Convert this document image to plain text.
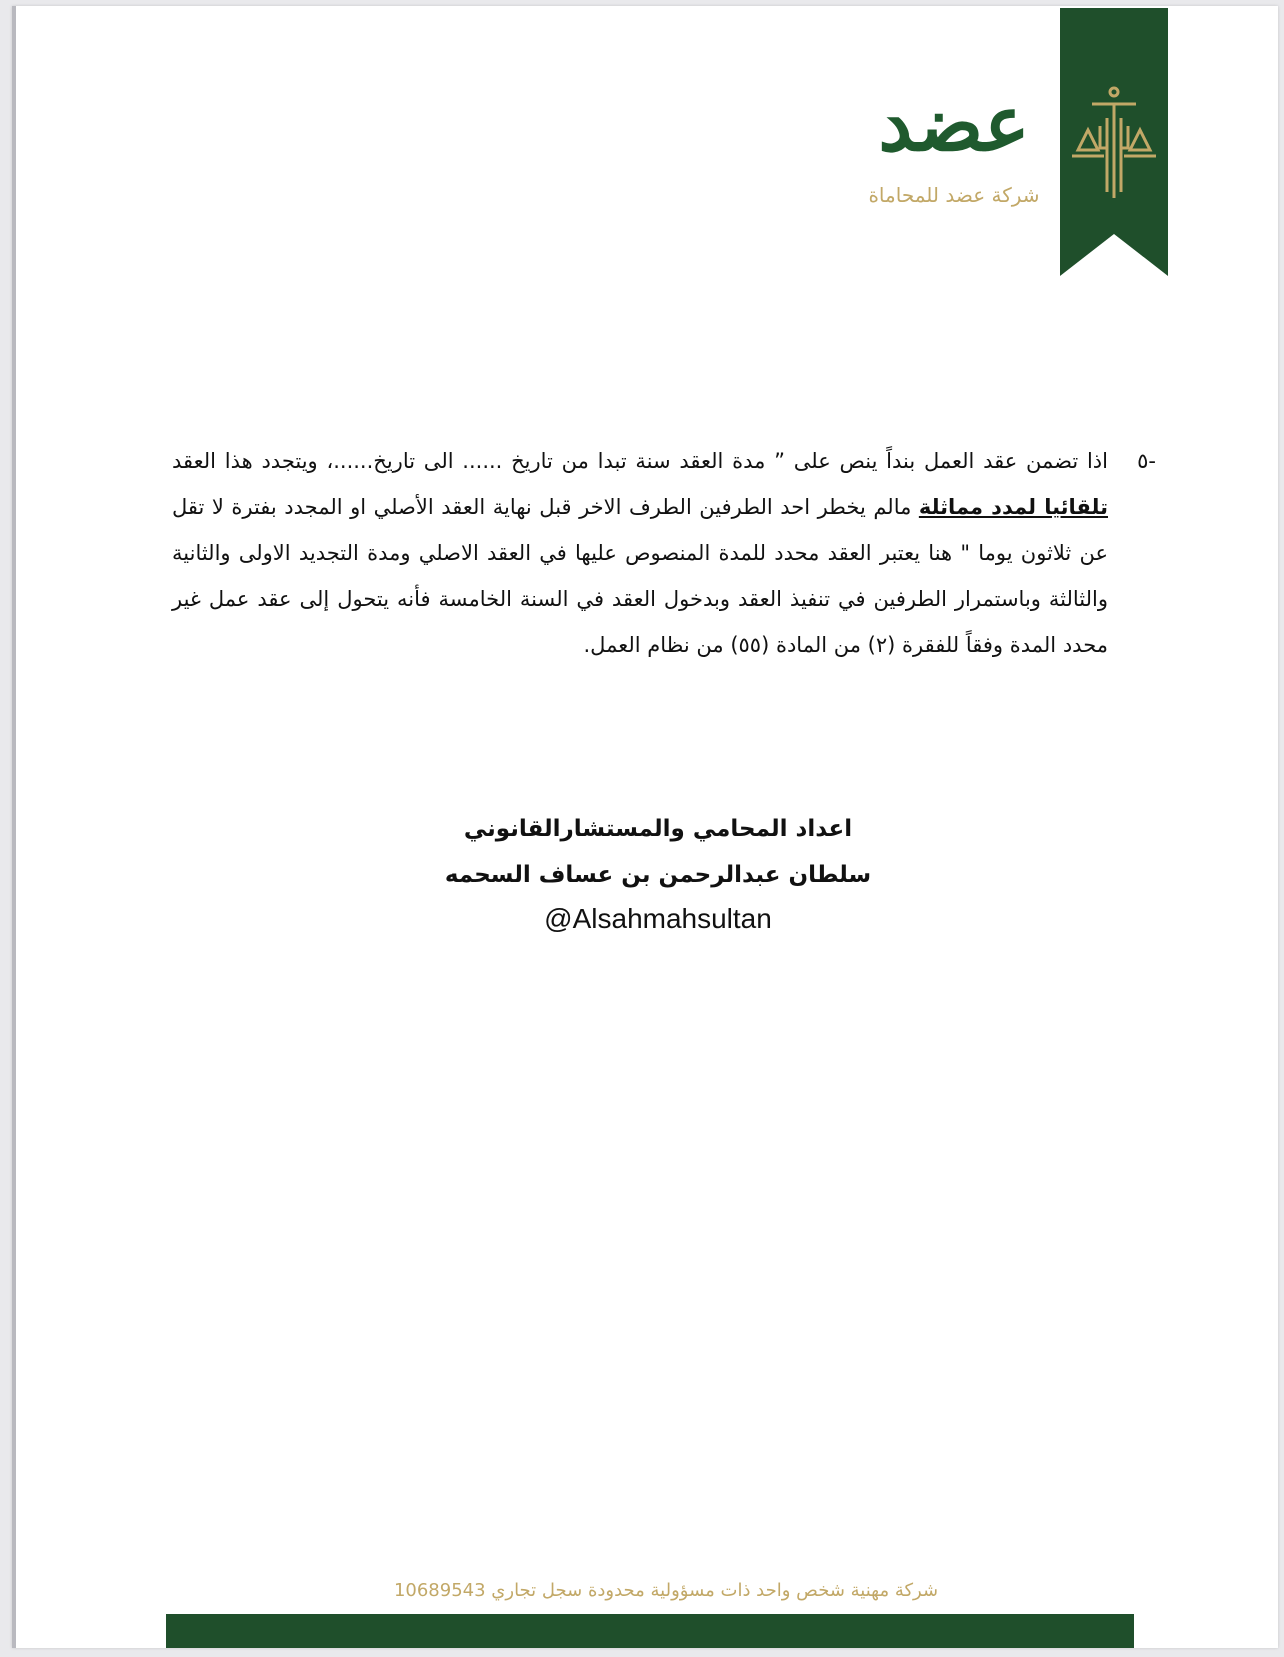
عضد
شركة عضد للمحاماة
-٥

اذا تضمن عقد العمل بنداً ينص على ” مدة العقد سنة تبدا من تاريخ ...... الى تاريخ......، ويتجدد هذا العقد تلقائيا لمدد مماثلة مالم يخطر احد الطرفين الطرف الاخر قبل نهاية العقد الأصلي او المجدد بفترة لا تقل عن ثلاثون يوما " هنا يعتبر العقد محدد للمدة المنصوص عليها في العقد الاصلي ومدة التجديد الاولى والثانية والثالثة وباستمرار الطرفين في تنفيذ العقد وبدخول العقد في السنة الخامسة فأنه يتحول إلى عقد عمل غير محدد المدة وفقاً للفقرة (٢) من المادة (٥٥) من نظام العمل.

اعداد المحامي والمستشارالقانوني
سلطان عبدالرحمن بن عساف السحمه
@Alsahmahsultan
شركة مهنية شخص واحد ذات مسؤولية محدودة سجل تجاري 10689543
